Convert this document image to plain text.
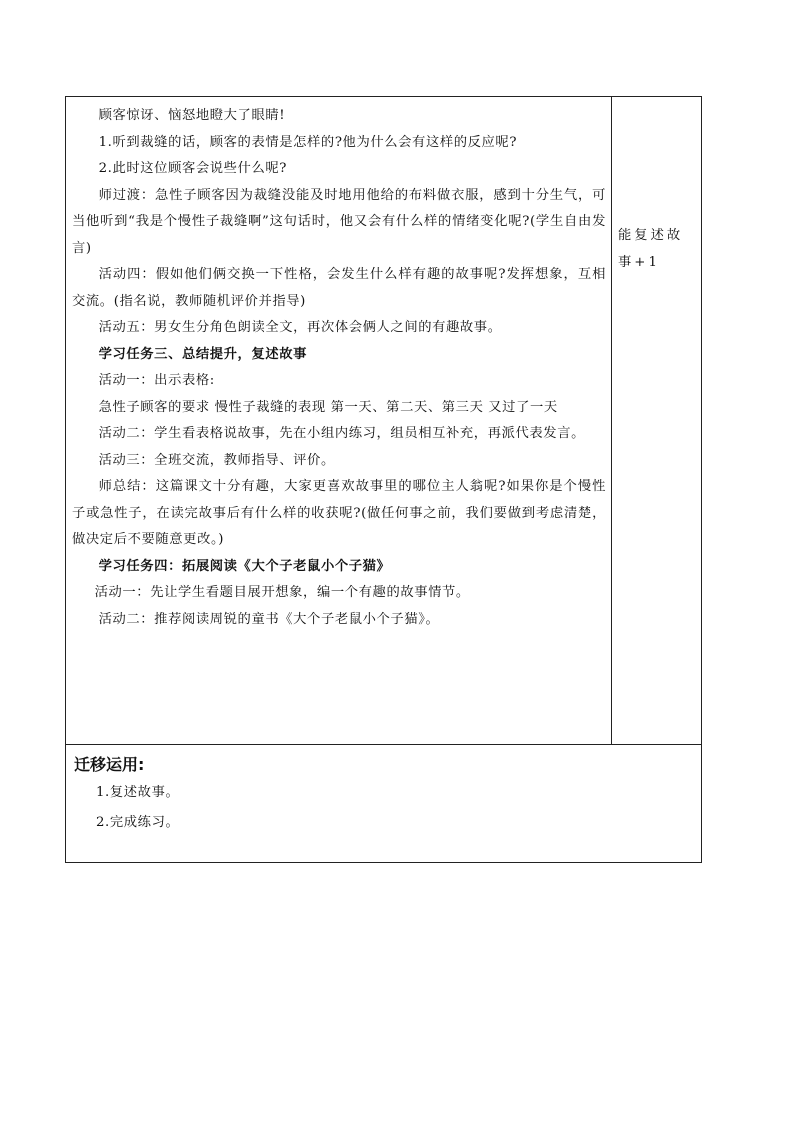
顾客惊讶、恼怒地瞪大了眼睛!

1.听到裁缝的话，顾客的表情是怎样的?他为什么会有这样的反应呢?

2.此时这位顾客会说些什么呢?

师过渡：急性子顾客因为裁缝没能及时地用他给的布料做衣服，感到十分生气，可当他听到“我是个慢性子裁缝啊”这句话时，他又会有什么样的情绪变化呢?(学生自由发言)

活动四：假如他们俩交换一下性格，会发生什么样有趣的故事呢?发挥想象，互相交流。(指名说，教师随机评价并指导)

活动五：男女生分角色朗读全文，再次体会俩人之间的有趣故事。

学习任务三、总结提升，复述故事

活动一：出示表格:

急性子顾客的要求 慢性子裁缝的表现 第一天、第二天、第三天 又过了一天

活动二：学生看表格说故事，先在小组内练习，组员相互补充，再派代表发言。

活动三：全班交流，教师指导、评价。

师总结：这篇课文十分有趣，大家更喜欢故事里的哪位主人翁呢?如果你是个慢性子或急性子，在读完故事后有什么样的收获呢?(做任何事之前，我们要做到考虑清楚，做决定后不要随意更改。)

学习任务四：拓展阅读《大个子老鼠小个子猫》

活动一：先让学生看题目展开想象，编一个有趣的故事情节。

活动二：推荐阅读周锐的童书《大个子老鼠小个子猫》。

能复述故事+1
迁移运用:
1.复述故事。
2.完成练习。
